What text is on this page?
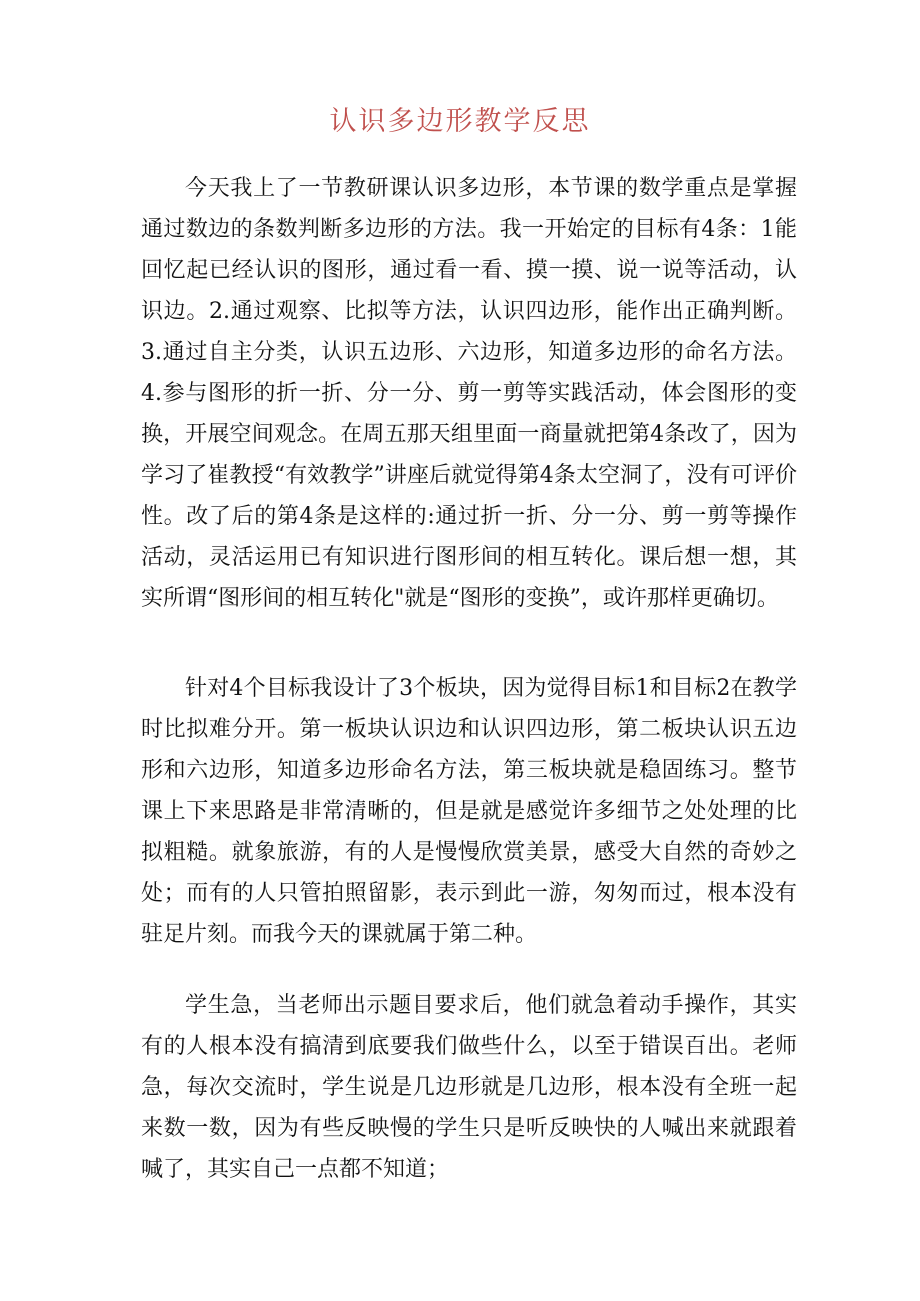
认识多边形教学反思

今天我上了一节教研课认识多边形，本节课的数学重点是掌握通过数边的条数判断多边形的方法。我一开始定的目标有4条：1能回忆起已经认识的图形，通过看一看、摸一摸、说一说等活动，认识边。2.通过观察、比拟等方法，认识四边形，能作出正确判断。3.通过自主分类，认识五边形、六边形，知道多边形的命名方法。4.参与图形的折一折、分一分、剪一剪等实践活动，体会图形的变换，开展空间观念。在周五那天组里面一商量就把第4条改了，因为学习了崔教授“有效教学”讲座后就觉得第4条太空洞了，没有可评价性。改了后的第4条是这样的:通过折一折、分一分、剪一剪等操作活动，灵活运用已有知识进行图形间的相互转化。课后想一想，其实所谓“图形间的相互转化"就是“图形的变换”，或许那样更确切。

针对4个目标我设计了3个板块，因为觉得目标1和目标2在教学时比拟难分开。第一板块认识边和认识四边形，第二板块认识五边形和六边形，知道多边形命名方法，第三板块就是稳固练习。整节课上下来思路是非常清晰的，但是就是感觉许多细节之处处理的比拟粗糙。就象旅游，有的人是慢慢欣赏美景，感受大自然的奇妙之处；而有的人只管拍照留影，表示到此一游，匆匆而过，根本没有驻足片刻。而我今天的课就属于第二种。

学生急，当老师出示题目要求后，他们就急着动手操作，其实有的人根本没有搞清到底要我们做些什么，以至于错误百出。老师急，每次交流时，学生说是几边形就是几边形，根本没有全班一起来数一数，因为有些反映慢的学生只是听反映快的人喊出来就跟着喊了，其实自己一点都不知道；
